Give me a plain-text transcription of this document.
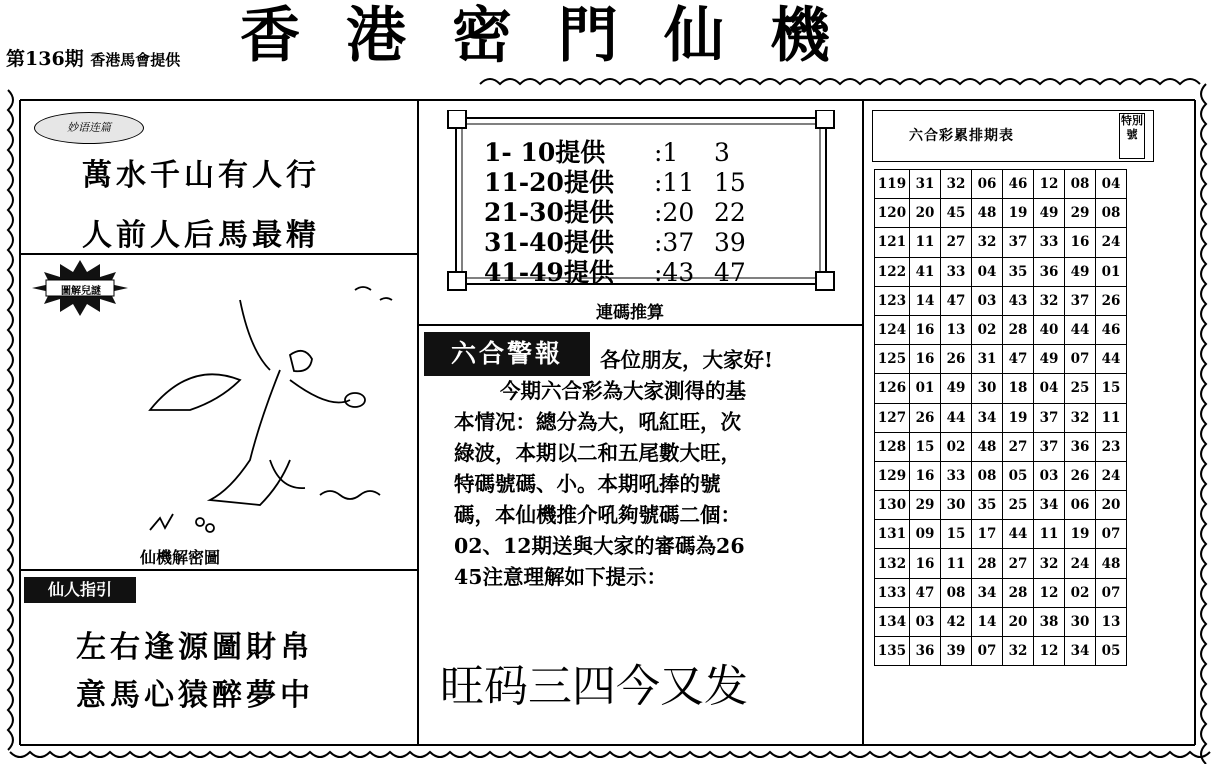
香港密門仙機
第136期 香港馬會提供
妙语连篇
萬水千山有人行
人前人后馬最精
圖解兒謎
仙機解密圖
仙人指引
左右逢源圖財帛
意馬心猿醉夢中
1- 10提供 :1 3
11-20提供 :11 15
21-30提供 :20 22
31-40提供 :37 39
41-49提供 :43 47
連碼推算
六合警報	各位朋友，大家好!
今期六合彩為大家測得的基
本情况：總分為大，吼紅旺，次
綠波，本期以二和五尾數大旺，
特碼號碼、小。本期吼捧的號
碼，本仙機推介吼夠號碼二個：
02、12期送與大家的審碼為26
45注意理解如下提示：
旺码三四今又发
六合彩累排期表
特別號
119	31	32	06	46	12	08	04
120	20	45	48	19	49	29	08
121	11	27	32	37	33	16	24
122	41	33	04	35	36	49	01
123	14	47	03	43	32	37	26
124	16	13	02	28	40	44	46
125	16	26	31	47	49	07	44
126	01	49	30	18	04	25	15
127	26	44	34	19	37	32	11
128	15	02	48	27	37	36	23
129	16	33	08	05	03	26	24
130	29	30	35	25	34	06	20
131	09	15	17	44	11	19	07
132	16	11	28	27	32	24	48
133	47	08	34	28	12	02	07
134	03	42	14	20	38	30	13
135	36	39	07	32	12	34	05
